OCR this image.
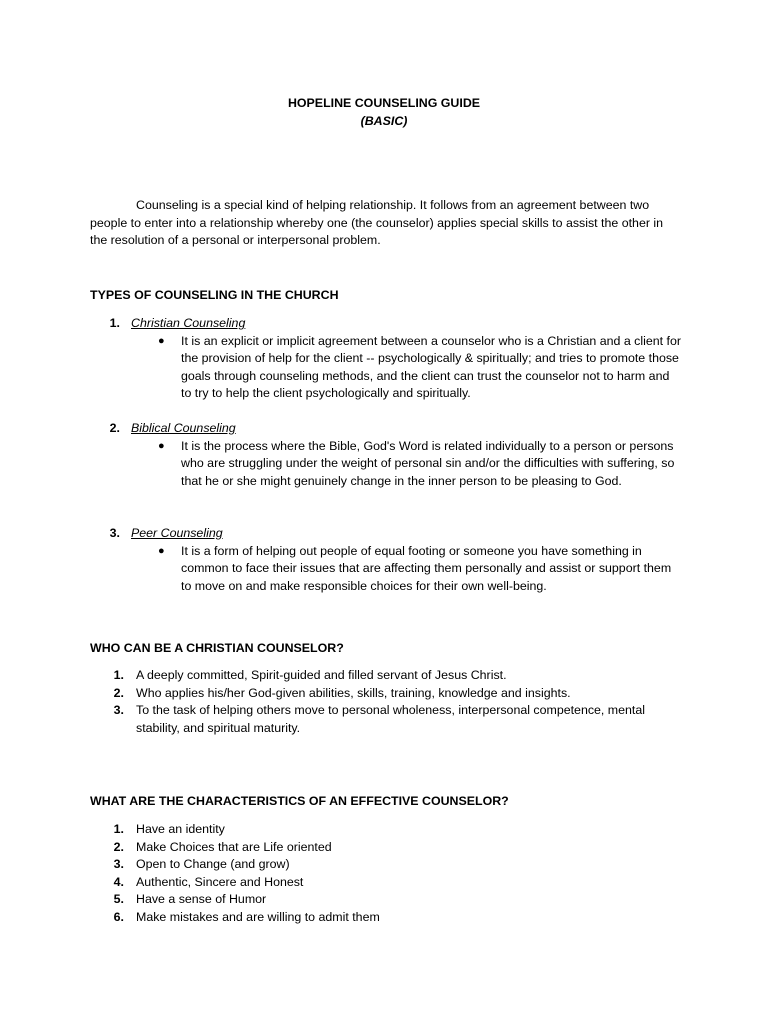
HOPELINE COUNSELING GUIDE
(BASIC)

Counseling is a special kind of helping relationship. It follows from an agreement between two people to enter into a relationship whereby one (the counselor) applies special skills to assist the other in the resolution of a personal or interpersonal problem.

TYPES OF COUNSELING IN THE CHURCH
1. Christian Counseling
● It is an explicit or implicit agreement between a counselor who is a Christian and a client for the provision of help for the client -- psychologically & spiritually; and tries to promote those goals through counseling methods, and the client can trust the counselor not to harm and to try to help the client psychologically and spiritually.
2. Biblical Counseling
● It is the process where the Bible, God's Word is related individually to a person or persons who are struggling under the weight of personal sin and/or the difficulties with suffering, so that he or she might genuinely change in the inner person to be pleasing to God.
3. Peer Counseling
● It is a form of helping out people of equal footing or someone you have something in common to face their issues that are affecting them personally and assist or support them to move on and make responsible choices for their own well-being.
WHO CAN BE A CHRISTIAN COUNSELOR?
1. A deeply committed, Spirit-guided and filled servant of Jesus Christ.
2. Who applies his/her God-given abilities, skills, training, knowledge and insights.
3. To the task of helping others move to personal wholeness, interpersonal competence, mental stability, and spiritual maturity.
WHAT ARE THE CHARACTERISTICS OF AN EFFECTIVE COUNSELOR?
1. Have an identity
2. Make Choices that are Life oriented
3. Open to Change (and grow)
4. Authentic, Sincere and Honest
5. Have a sense of Humor
6. Make mistakes and are willing to admit them
